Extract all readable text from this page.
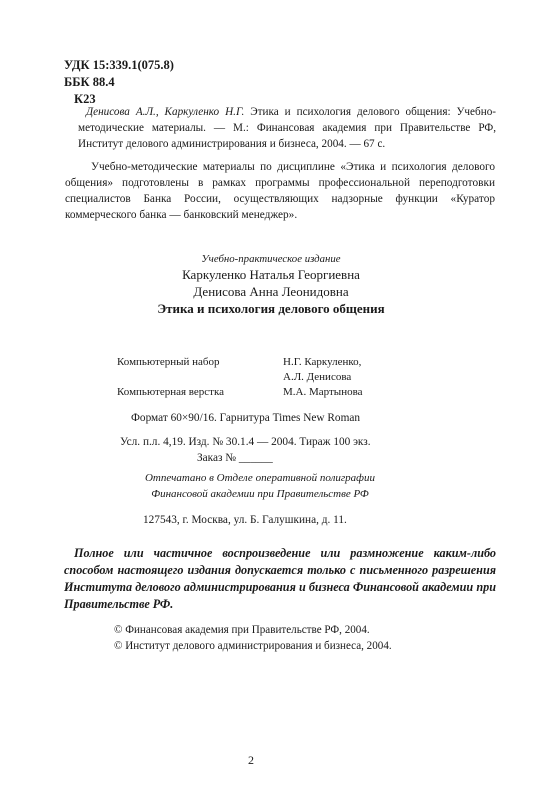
УДК 15:339.1(075.8)
ББК 88.4
К23
Денисова А.Л., Каркуленко Н.Г. Этика и психология делового общения: Учебно-методические материалы. — М.: Финансовая академия при Правительстве РФ, Институт делового администрирования и бизнеса, 2004. — 67 с.
Учебно-методические материалы по дисциплине «Этика и психология делового общения» подготовлены в рамках программы профессиональной переподготовки специалистов Банка России, осуществляющих надзорные функции «Куратор коммерческого банка — банковский менеджер».
Учебно-практическое издание
Каркуленко Наталья Георгиевна
Денисова Анна Леонидовна
Этика и психология делового общения
Компьютерный набор	Н.Г. Каркуленко,
А.Л. Денисова
Компьютерная верстка	М.А. Мартынова
Формат 60×90/16. Гарнитура Times New Roman
Усл. п.л. 4,19. Изд. № 30.1.4 — 2004. Тираж 100 экз.
Заказ № ______
Отпечатано в Отделе оперативной полиграфии
Финансовой академии при Правительстве РФ
127543, г. Москва, ул. Б. Галушкина, д. 11.
Полное или частичное воспроизведение или размножение каким-либо способом настоящего издания допускается только с письменного разрешения Института делового администрирования и бизнеса Финансовой академии при Правительстве РФ.
© Финансовая академия при Правительстве РФ, 2004.
© Институт делового администрирования и бизнеса, 2004.
2
